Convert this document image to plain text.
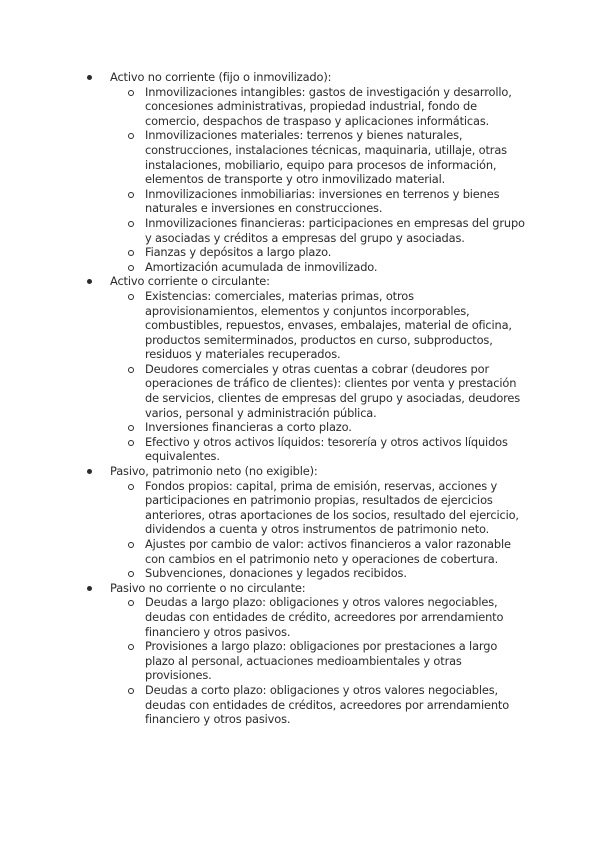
Activo no corriente (fijo o inmovilizado):
Inmovilizaciones intangibles: gastos de investigación y desarrollo, concesiones administrativas, propiedad industrial, fondo de comercio, despachos de traspaso y aplicaciones informáticas.
Inmovilizaciones materiales: terrenos y bienes naturales, construcciones, instalaciones técnicas, maquinaria, utillaje, otras instalaciones, mobiliario, equipo para procesos de información, elementos de transporte y otro inmovilizado material.
Inmovilizaciones inmobiliarias: inversiones en terrenos y bienes naturales e inversiones en construcciones.
Inmovilizaciones financieras: participaciones en empresas del grupo y asociadas y créditos a empresas del grupo y asociadas.
Fianzas y depósitos a largo plazo.
Amortización acumulada de inmovilizado.
Activo corriente o circulante:
Existencias: comerciales, materias primas, otros aprovisionamientos, elementos y conjuntos incorporables, combustibles, repuestos, envases, embalajes, material de oficina, productos semiterminados, productos en curso, subproductos, residuos y materiales recuperados.
Deudores comerciales y otras cuentas a cobrar (deudores por operaciones de tráfico de clientes): clientes por venta y prestación de servicios, clientes de empresas del grupo y asociadas, deudores varios, personal y administración pública.
Inversiones financieras a corto plazo.
Efectivo y otros activos líquidos: tesorería y otros activos líquidos equivalentes.
Pasivo, patrimonio neto (no exigible):
Fondos propios: capital, prima de emisión, reservas, acciones y participaciones en patrimonio propias, resultados de ejercicios anteriores, otras aportaciones de los socios, resultado del ejercicio, dividendos a cuenta y otros instrumentos de patrimonio neto.
Ajustes por cambio de valor: activos financieros a valor razonable con cambios en el patrimonio neto y operaciones de cobertura.
Subvenciones, donaciones y legados recibidos.
Pasivo no corriente o no circulante:
Deudas a largo plazo: obligaciones y otros valores negociables, deudas con entidades de crédito, acreedores por arrendamiento financiero y otros pasivos.
Provisiones a largo plazo: obligaciones por prestaciones a largo plazo al personal, actuaciones medioambientales y otras provisiones.
Deudas a corto plazo: obligaciones y otros valores negociables, deudas con entidades de créditos, acreedores por arrendamiento financiero y otros pasivos.
